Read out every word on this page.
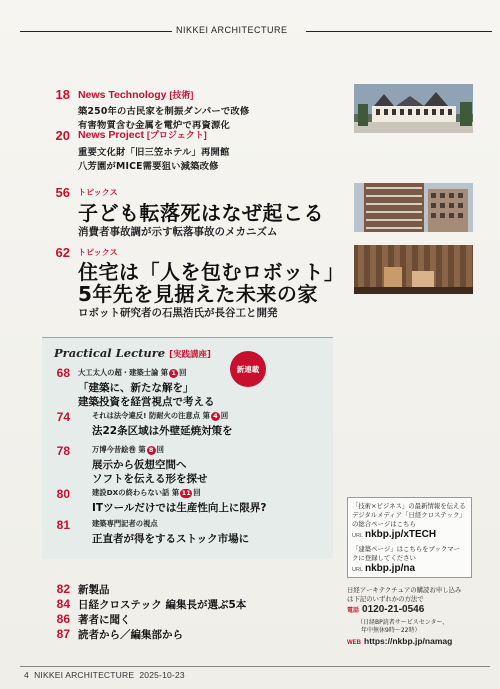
NIKKEI ARCHITECTURE
18 News Technology [技術]
築250年の古民家を制振ダンパーで改修
有害物質含む金属を電炉で再資源化
20 News Project [プロジェクト]
重要文化財「旧三笠ホテル」再開館
八芳園がMICE需要狙い減築改修
56 トピックス
子ども転落死はなぜ起こる
消費者事故調が示す転落事故のメカニズム
62 トピックス
住宅は「人を包むロボット」
5年先を見据えた未来の家
ロボット研究者の石黒浩氏が長谷工と開発
Practical Lecture [実践講座]
新連載
68 大工太人の超・建築士論 第 1 回
「建築に、新たな解を」
建築投資を経営視点で考える
74	それは法令違反! 防耐火の注意点 第 4 回
法22条区域は外壁延焼対策を
78	万博今昔絵巻 第 8 回
展示から仮想空間へ
ソフトを伝える形を探せ
80	建設DXの終わらない話 第 11 回
ITツールだけでは生産性向上に限界?
81	建築専門記者の視点
正直者が得をするストック市場に
82 新製品
84 日経クロステック 編集長が選ぶ5本
86 著者に聞く
87 読者から／編集部から
「技術×ビジネス」の最新情報を伝える
デジタルメディア「日経クロステック」
の総合ページはこちら
URL nkbp.jp/xTECH
「建築ページ」はこちらをブックマー
クに登録してください
URL nkbp.jp/na
日経アーキテクチュアの購読お申し込み
は下記のいずれかの方法で
電話 0120-21-0546
（日経BP読者サービスセンター、
年中無休9時〜22時）
WEB https://nkbp.jp/namag
4 NIKKEI ARCHITECTURE 2025-10-23
